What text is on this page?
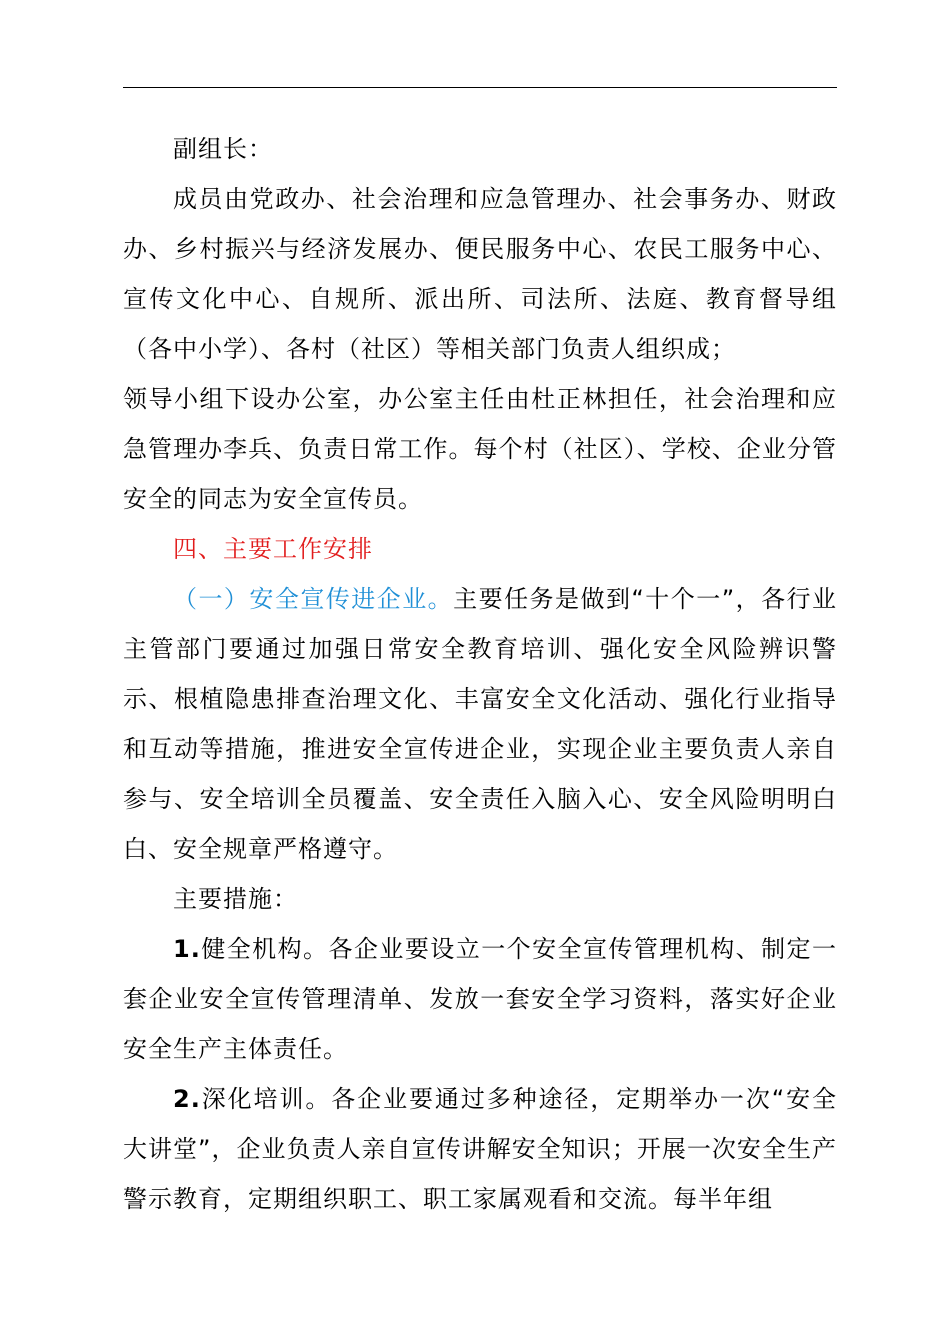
副组长：

成员由党政办、社会治理和应急管理办、社会事务办、财政办、乡村振兴与经济发展办、便民服务中心、农民工服务中心、宣传文化中心、自规所、派出所、司法所、法庭、教育督导组（各中小学）、各村（社区）等相关部门负责人组织成；

领导小组下设办公室，办公室主任由杜正林担任，社会治理和应急管理办李兵、负责日常工作。每个村（社区）、学校、企业分管安全的同志为安全宣传员。

四、主要工作安排

（一）安全宣传进企业。主要任务是做到“十个一”，各行业主管部门要通过加强日常安全教育培训、强化安全风险辨识警示、根植隐患排查治理文化、丰富安全文化活动、强化行业指导和互动等措施，推进安全宣传进企业，实现企业主要负责人亲自参与、安全培训全员覆盖、安全责任入脑入心、安全风险明明白白、安全规章严格遵守。

主要措施：

1.健全机构。各企业要设立一个安全宣传管理机构、制定一套企业安全宣传管理清单、发放一套安全学习资料，落实好企业安全生产主体责任。

2.深化培训。各企业要通过多种途径，定期举办一次“安全大讲堂”，企业负责人亲自宣传讲解安全知识；开展一次安全生产警示教育，定期组织职工、职工家属观看和交流。每半年组
